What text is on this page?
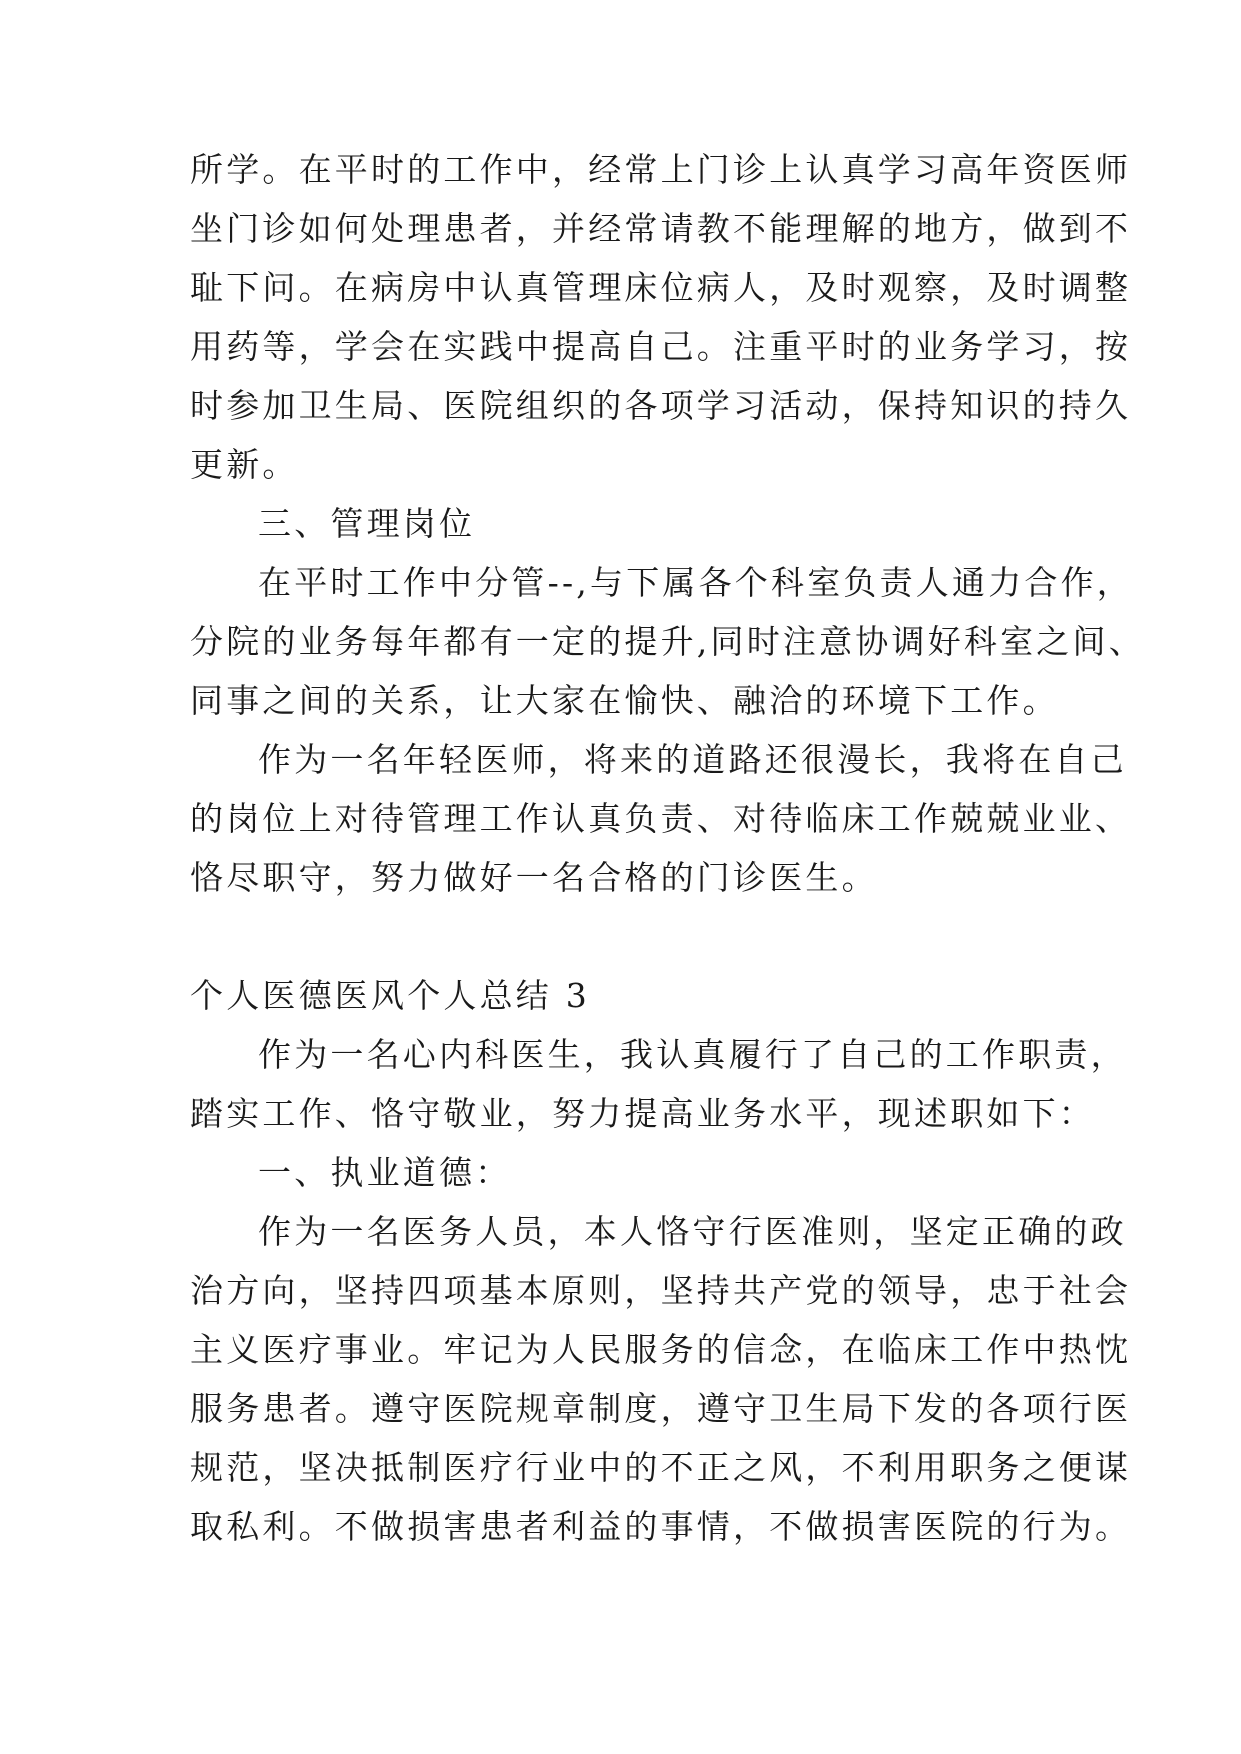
所学。在平时的工作中，经常上门诊上认真学习高年资医师
坐门诊如何处理患者，并经常请教不能理解的地方，做到不
耻下问。在病房中认真管理床位病人，及时观察，及时调整
用药等，学会在实践中提高自己。注重平时的业务学习，按
时参加卫生局、医院组织的各项学习活动，保持知识的持久
更新。
三、管理岗位
在平时工作中分管--,与下属各个科室负责人通力合作，
分院的业务每年都有一定的提升,同时注意协调好科室之间、
同事之间的关系，让大家在愉快、融洽的环境下工作。
作为一名年轻医师，将来的道路还很漫长，我将在自己
的岗位上对待管理工作认真负责、对待临床工作兢兢业业、
恪尽职守，努力做好一名合格的门诊医生。
个人医德医风个人总结 3
作为一名心内科医生，我认真履行了自己的工作职责，
踏实工作、恪守敬业，努力提高业务水平，现述职如下：
一、执业道德：
作为一名医务人员，本人恪守行医准则，坚定正确的政
治方向，坚持四项基本原则，坚持共产党的领导，忠于社会
主义医疗事业。牢记为人民服务的信念，在临床工作中热忱
服务患者。遵守医院规章制度，遵守卫生局下发的各项行医
规范，坚决抵制医疗行业中的不正之风，不利用职务之便谋
取私利。不做损害患者利益的事情，不做损害医院的行为。
